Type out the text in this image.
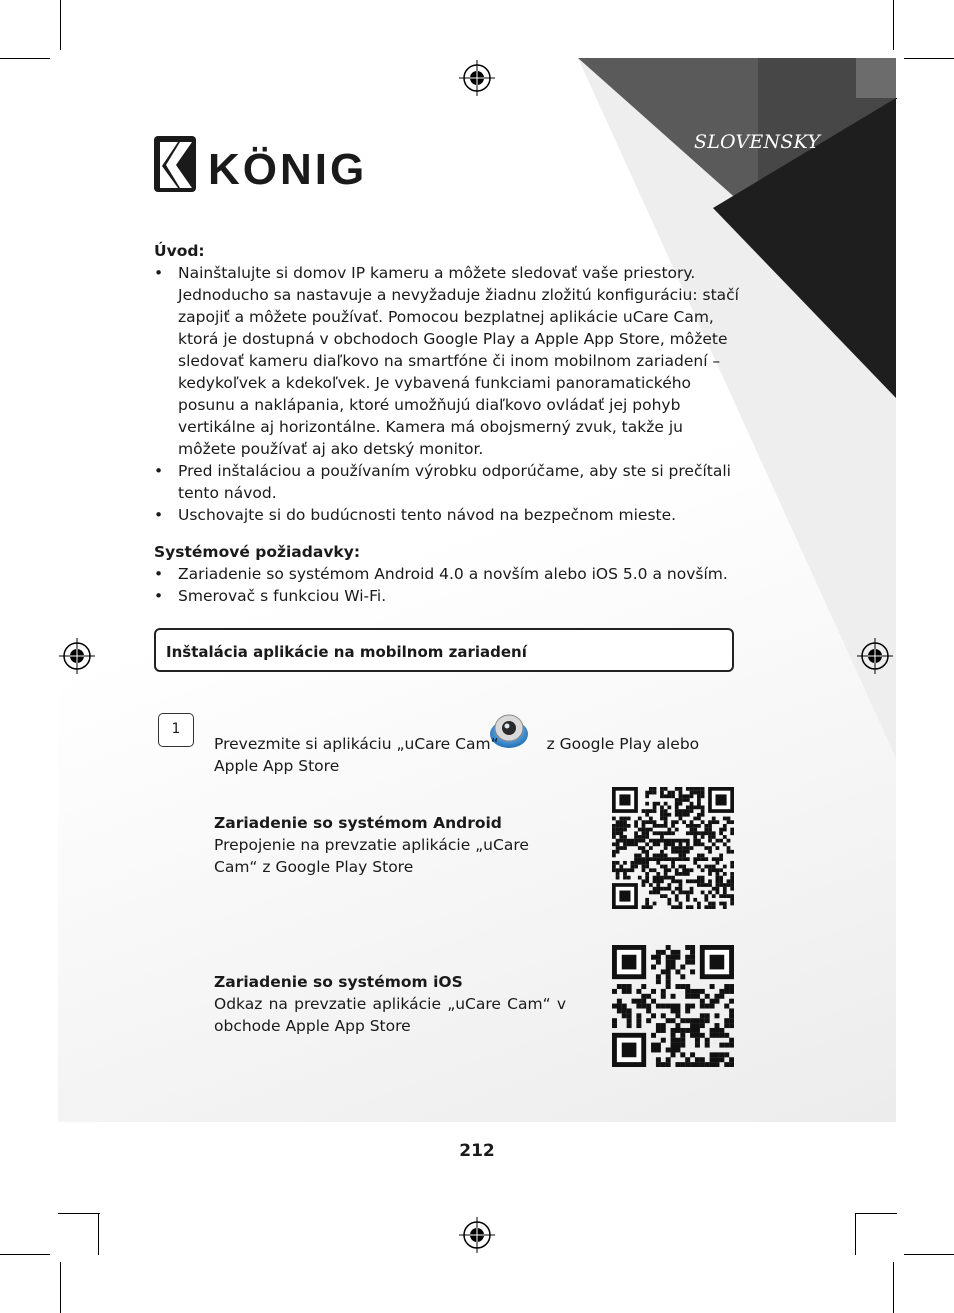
KÖNIG
SLOVENSKY
Úvod:
• Nainštalujte si domov IP kameru a môžete sledovať vaše priestory. Jednoducho sa nastavuje a nevyžaduje žiadnu zložitú konfiguráciu: stačí zapojiť a môžete používať. Pomocou bezplatnej aplikácie uCare Cam, ktorá je dostupná v obchodoch Google Play a Apple App Store, môžete sledovať kameru diaľkovo na smartfóne či inom mobilnom zariadení – kedykoľvek a kdekoľvek. Je vybavená funkciami panoramatického posunu a naklápania, ktoré umožňujú diaľkovo ovládať jej pohyb vertikálne aj horizontálne. Kamera má obojsmerný zvuk, takže ju môžete používať aj ako detský monitor.
• Pred inštaláciou a používaním výrobku odporúčame, aby ste si prečítali tento návod.
• Uschovajte si do budúcnosti tento návod na bezpečnom mieste.
Systémové požiadavky:
• Zariadenie so systémom Android 4.0 a novším alebo iOS 5.0 a novším.
• Smerovač s funkciou Wi-Fi.
Inštalácia aplikácie na mobilnom zariadení
1
Prevezmite si aplikáciu „uCare Cam“	z Google Play alebo Apple App Store
Zariadenie so systémom Android
Prepojenie na prevzatie aplikácie „uCare Cam“ z Google Play Store
Zariadenie so systémom iOS
Odkaz na prevzatie aplikácie „uCare Cam“ v obchode Apple App Store
212
